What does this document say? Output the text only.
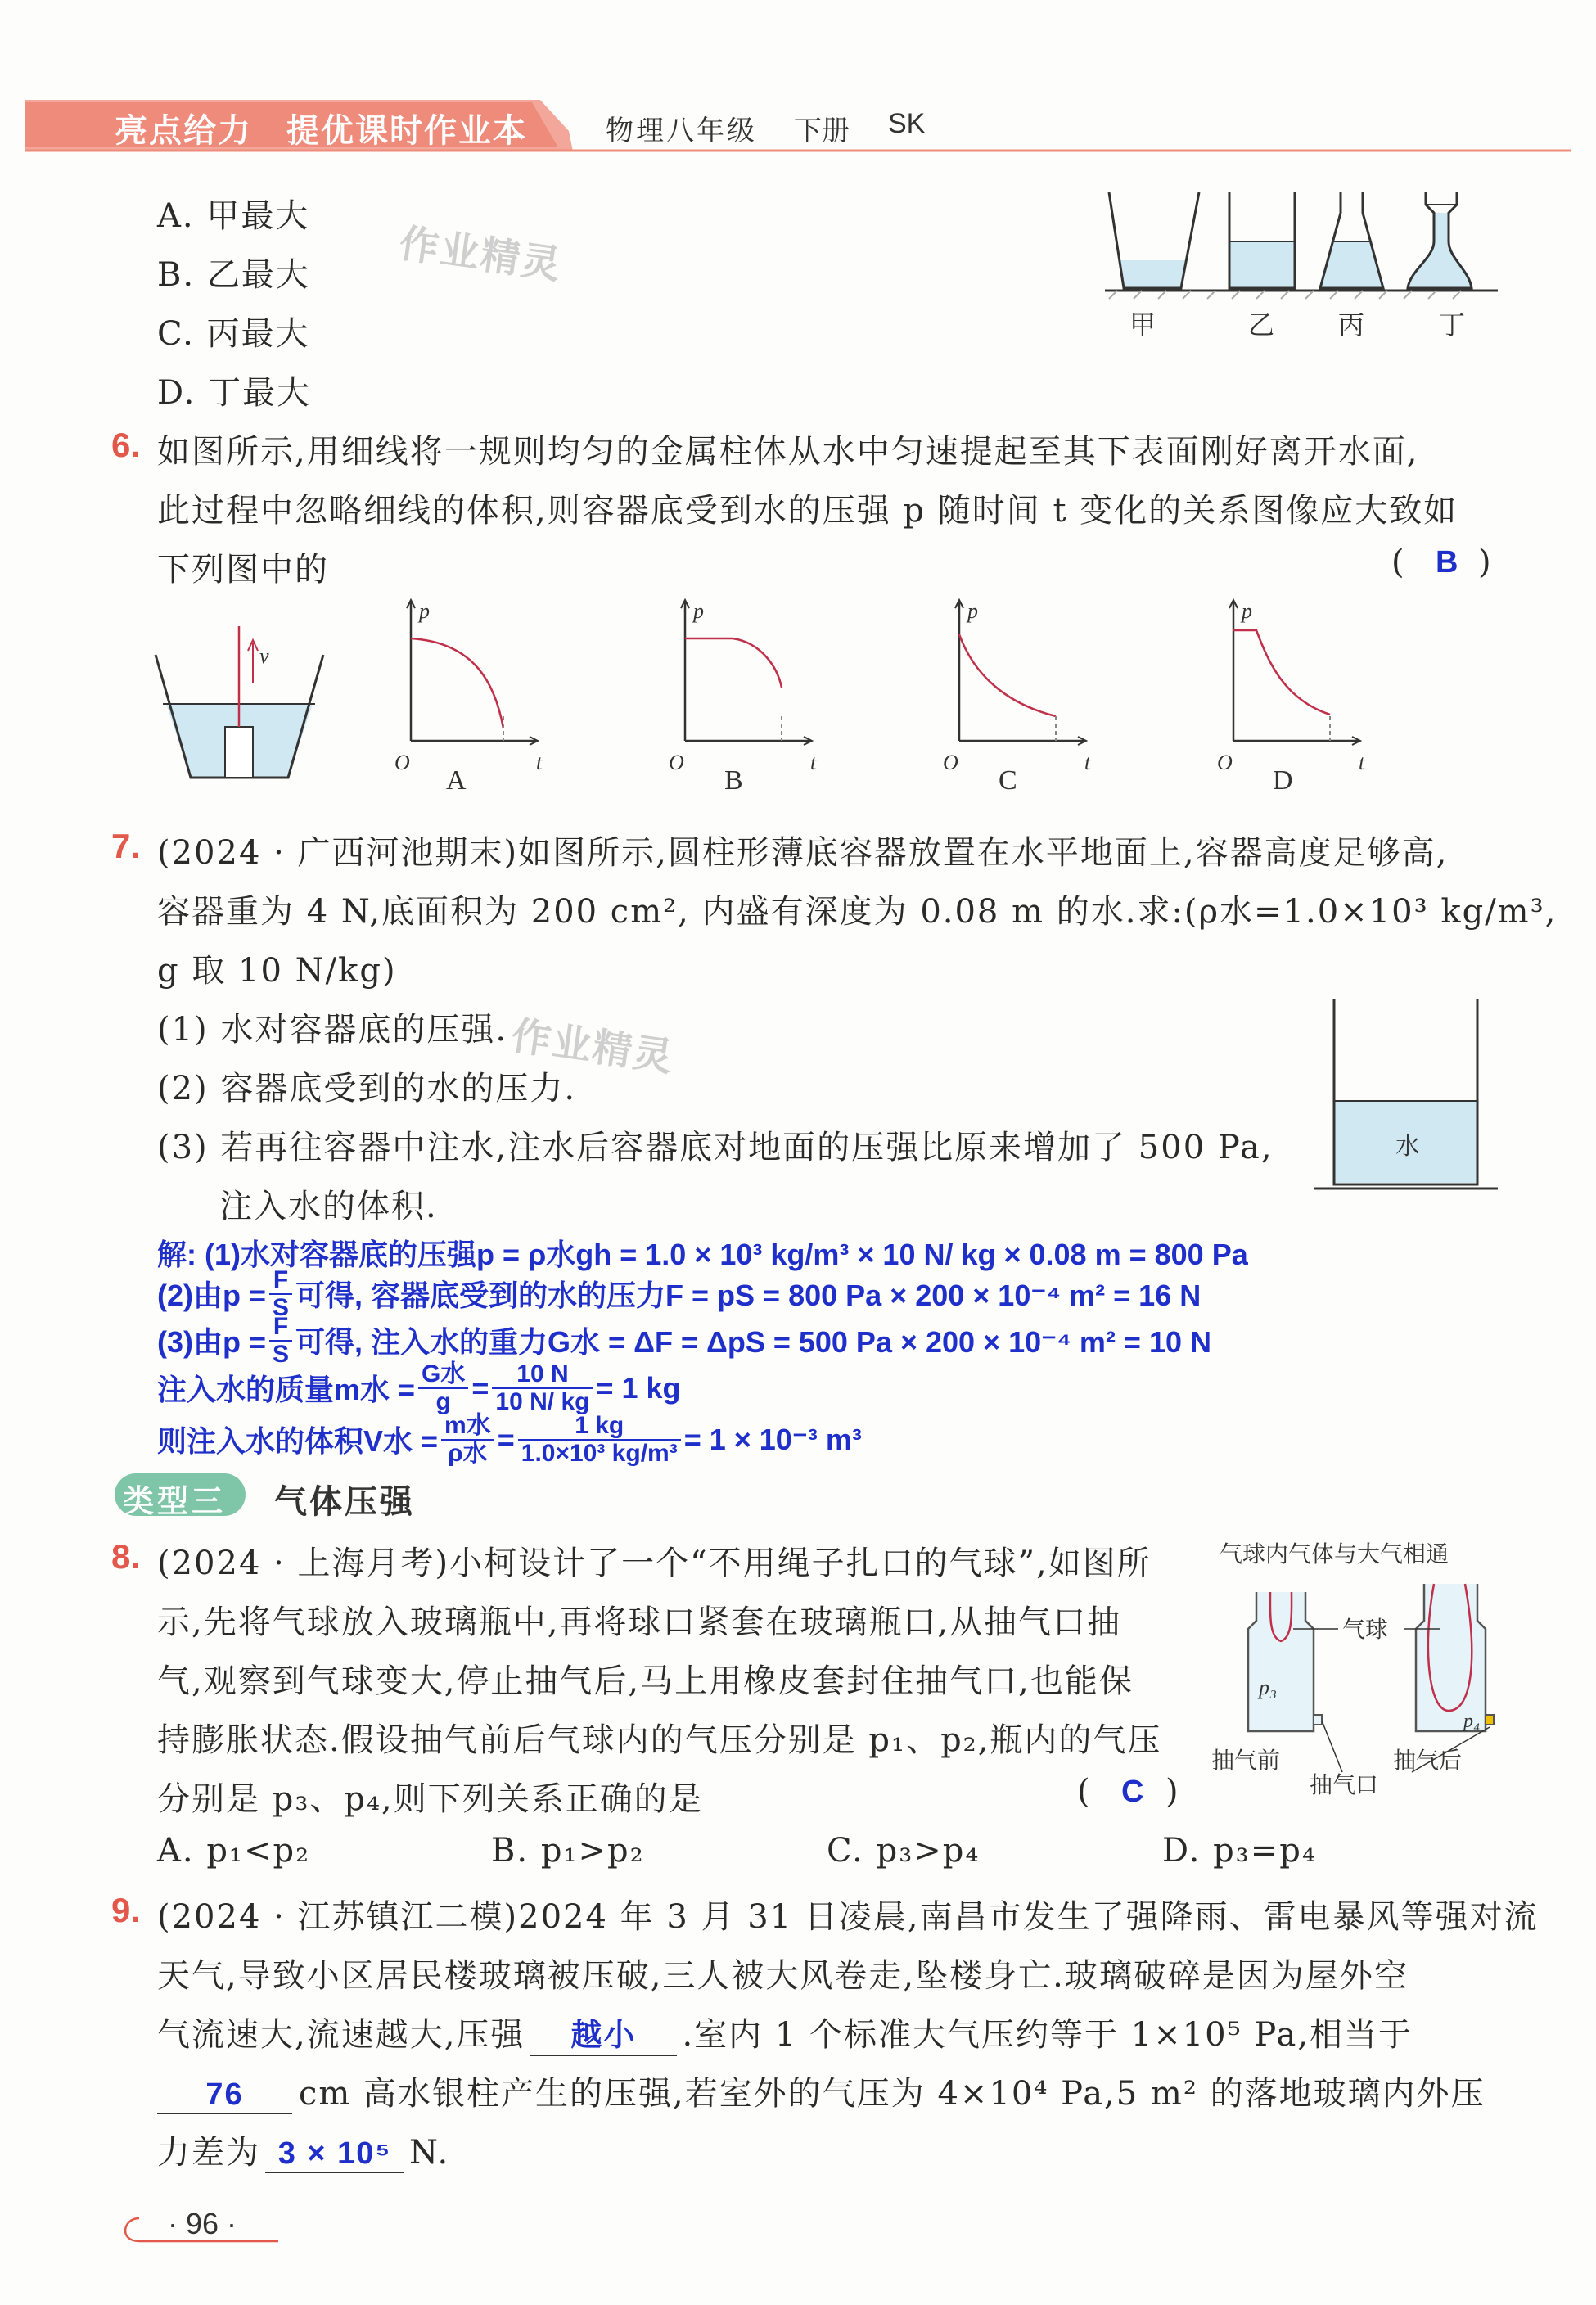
亮点给力 提优课时作业本	物理八年级 下册 SK
A. 甲最大
B. 乙最大
C. 丙最大
D. 丁最大
作业精灵
甲	乙 丙	丁
6. 如图所示,用细线将一规则均匀的金属柱体从水中匀速提起至其下表面刚好离开水面,
此过程中忽略细线的体积,则容器底受到水的压强 p 随时间 t 变化的关系图像应大致如
下列图中的	( B )
v
p
t
O
p
t
O
p
t
O
p
t
O
A	B	C	D
7. (2024 · 广西河池期末)如图所示,圆柱形薄底容器放置在水平地面上,容器高度足够高,
容器重为 4 N,底面积为 200 cm², 内盛有深度为 0.08 m 的水.求:(ρ水=1.0×10³ kg/m³,
g 取 10 N/kg)
(1) 水对容器底的压强.
(2) 容器底受到的水的压力.
(3) 若再往容器中注水,注水后容器底对地面的压强比原来增加了 500 Pa,
注入水的体积.
作业精灵
水
解: (1)水对容器底的压强p = ρ水gh = 1.0 × 10³ kg/m³ × 10 N/ kg × 0.08 m = 800 Pa
(2)由$p = \frac{F}{S}$ 可得, 容器底受到的水的压力F = pS = 800 Pa × 200 × 10⁻⁴ m² = 16 N
(3)由$p = \frac{F}{S}$ 可得, 注入水的重力G水 = ΔF = ΔpS = 500 Pa × 200 × 10⁻⁴ m² = 10 N
注入水的质量m水 = $\frac{\text{G水}}{g} = \frac{10 N}{10 N/ kg} = 1$ kg
则注入水的体积V水 = $\frac{\text{m水}}{\text{ρ水}} = \frac{1 kg}{\text{1.0×10³ kg/m³}} = 1 \times 10^{-3}$ m³
类型三 气体压强
8. (2024 · 上海月考)小柯设计了一个“不用绳子扎口的气球”,如图所
示,先将气球放入玻璃瓶中,再将球口紧套在玻璃瓶口,从抽气口抽
气,观察到气球变大,停止抽气后,马上用橡皮套封住抽气口,也能保
持膨胀状态.假设抽气前后气球内的气压分别是 p₁、p₂,瓶内的气压
分别是 p₃、p₄,则下列关系正确的是	( C )
A. p₁<p₂	B. p₁>p₂	C. p₃>p₄	D. p₃=p₄
气球内气体与大气相通
p₃
p₄
气球
抽气前	抽气后
抽气口
9. (2024 · 江苏镇江二模)2024 年 3 月 31 日凌晨,南昌市发生了强降雨、雷电暴风等强对流
天气,导致小区居民楼玻璃被压破,三人被大风卷走,坠楼身亡.玻璃破碎是因为屋外空
气流速大,流速越大,压强	越小	.室内 1 个标准大气压约等于 1×10⁵ Pa,相当于
76	cm 高水银柱产生的压强,若室外的气压为 4×10⁴ Pa,5 m² 的落地玻璃内外压
力差为 3 × 10⁵ N.
· 96 ·
